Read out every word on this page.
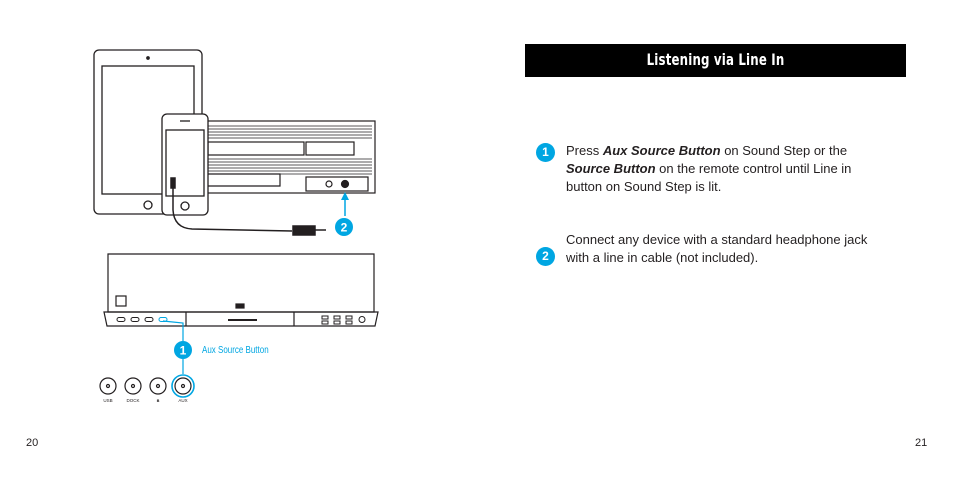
2
1 Aux Source Button
USB	DOCK	ʙ	AUX
Listening via Line In
1	Press Aux Source Button on Sound Step or the Source Button on the remote control until Line in button on Sound Step is lit.
2
Connect any device with a standard headphone jack with a line in cable (not included).
20	21
